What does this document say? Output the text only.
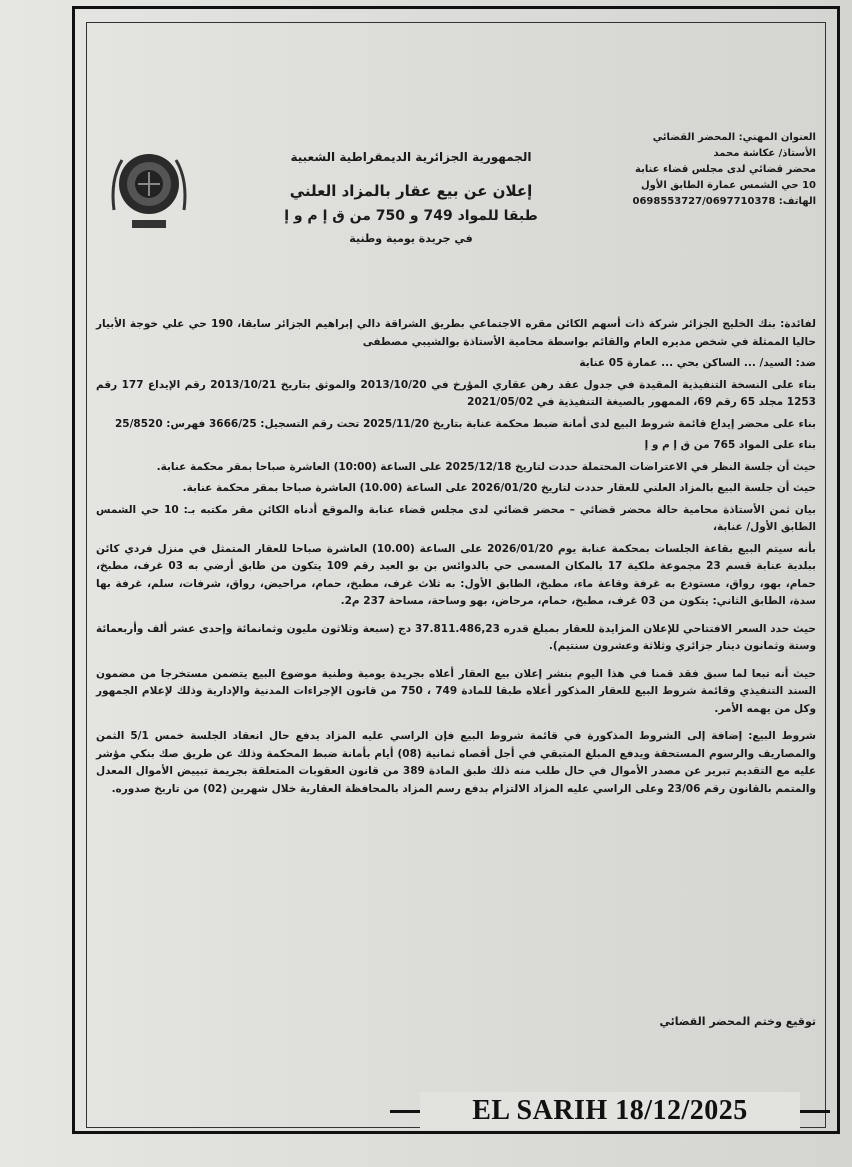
العنوان المهني: المحضر القضائي
الأستاذ/ عكاشة محمد
محضر قضائي لدى مجلس قضاء عنابة
10 حي الشمس عمارة الطابق الأول
الهاتف: 0698553727/0697710378
الجمهورية الجزائرية الديمقراطية الشعبية
إعلان عن بيع عقار بالمزاد العلني
طبقا للمواد 749 و 750 من ق إ م و إ
في جريدة يومية وطنية

لفائدة: بنك الخليج الجزائر شركة ذات أسهم الكائن مقره الاجتماعي بطريق الشراقة دالي إبراهيم الجزائر سابقا، 190 حي علي خوجة الأبيار حاليا الممثلة في شخص مديره العام والقائم بواسطة محامية الأستاذة بوالشيبي مصطفى

ضد: السيد/ ... الساكن بحي ... عمارة 05 عنابة

بناء على النسخة التنفيذية المقيدة في جدول عقد رهن عقاري المؤرخ في 2013/10/20 والموثق بتاريخ 2013/10/21 رقم الإيداع 177 رقم 1253 مجلد 65 رقم 69، الممهور بالصيغة التنفيذية في 2021/05/02

بناء على محضر إيداع قائمة شروط البيع لدى أمانة ضبط محكمة عنابة بتاريخ 2025/11/20 تحت رقم التسجيل: 3666/25 فهرس: 25/8520

بناء على المواد 765 من ق إ م و إ

حيث أن جلسة النظر في الاعتراضات المحتملة حددت لتاريخ 2025/12/18 على الساعة (10:00) العاشرة صباحا بمقر محكمة عنابة.

حيث أن جلسة البيع بالمزاد العلني للعقار حددت لتاريخ 2026/01/20 على الساعة (10.00) العاشرة صباحا بمقر محكمة عنابة.

بيان ثمن الأستاذة محامية حالة محضر قضائي – محضر قضائي لدى مجلس قضاء عنابة والموقع أدناه الكائن مقر مكتبه بـ: 10 حي الشمس الطابق الأول/ عنابة،

بأنه سيتم البيع بقاعة الجلسات بمحكمة عنابة يوم 2026/01/20 على الساعة (10.00) العاشرة صباحا للعقار المتمثل في منزل فردي كائن ببلدية عنابة قسم 23 مجموعة ملكية 17 بالمكان المسمى حي بالدوائس بن بو العيد رقم 109 يتكون من طابق أرضي به 03 غرف، مطبخ، حمام، بهو، رواق، مستودع به غرفة وقاعة ماء، مطبخ، الطابق الأول: به ثلاث غرف، مطبخ، حمام، مراحيض، رواق، شرفات، سلم، غرفة بها سدة، الطابق الثاني: يتكون من 03 غرف، مطبخ، حمام، مرحاض، بهو وساحة، مساحة 237 م2.

حيث حدد السعر الافتتاحي للإعلان المزايدة للعقار بمبلغ قدره 37.811.486,23 دج (سبعة وثلاثون مليون وثمانمائة وإحدى عشر ألف وأربعمائة وستة وثمانون دينار جزائري وثلاثة وعشرون سنتيم).

حيث أنه تبعا لما سبق فقد قمنا في هذا اليوم بنشر إعلان بيع العقار أعلاه بجريدة يومية وطنية موضوع البيع يتضمن مستخرجا من مضمون السند التنفيذي وقائمة شروط البيع للعقار المذكور أعلاه طبقا للمادة 749 ، 750 من قانون الإجراءات المدنية والإدارية وذلك لإعلام الجمهور وكل من يهمه الأمر.

شروط البيع: إضافة إلى الشروط المذكورة في قائمة شروط البيع فإن الراسي عليه المزاد يدفع حال انعقاد الجلسة خمس 5/1 الثمن والمصاريف والرسوم المستحقة ويدفع المبلغ المتبقي في أجل أقصاه ثمانية (08) أيام بأمانة ضبط المحكمة وذلك عن طريق صك بنكي مؤشر عليه مع التقديم تبرير عن مصدر الأموال في حال طلب منه ذلك طبق المادة 389 من قانون العقوبات المتعلقة بجريمة تبييض الأموال المعدل والمتمم بالقانون رقم 23/06 وعلى الراسي عليه المزاد الالتزام بدفع رسم المزاد بالمحافظة العقارية خلال شهرين (02) من تاريخ صدوره.

توقيع وختم المحضر القضائي
EL SARIH 18/12/2025
